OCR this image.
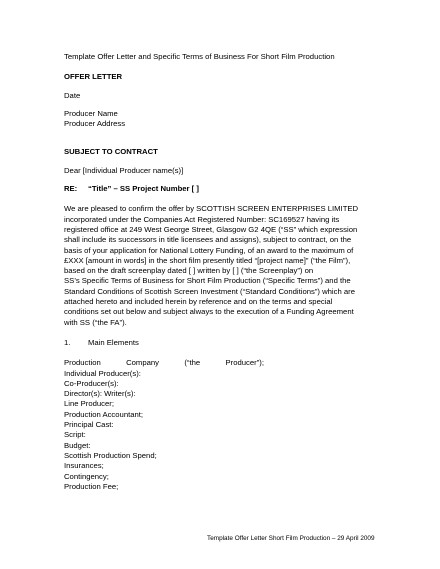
Template Offer Letter and Specific Terms of Business For Short Film Production

OFFER LETTER

Date

Producer Name

Producer Address

SUBJECT TO CONTRACT

Dear [Individual Producer name(s)]

RE:	“Title” – SS Project Number [ ]

We are pleased to confirm the offer by SCOTTISH SCREEN ENTERPRISES LIMITED

incorporated under the Companies Act Registered Number: SC169527 having its

registered office at 249 West George Street, Glasgow G2 4QE (“SS” which expression

shall include its successors in title licensees and assigns), subject to contract, on the

basis of your application for National Lottery Funding, of an award to the maximum of

£XXX [amount in words] in the short film presently titled “[project name]” (“the Film”),

based on the draft screenplay dated [ ] written by [ ] (“the Screenplay”) on

SS’s Specific Terms of Business for Short Film Production (“Specific Terms”) and the

Standard Conditions of Scottish Screen Investment (“Standard Conditions”) which are

attached hereto and included herein by reference and on the terms and special

conditions set out below and subject always to the execution of a Funding Agreement

with SS (“the FA”).

1.	Main Elements
Production	Company	(“the	Producer”);

Individual Producer(s):

Co-Producer(s):

Director(s): Writer(s):

Line Producer;

Production Accountant;

Principal Cast:

Script:

Budget:

Scottish Production Spend;

Insurances;

Contingency;

Production Fee;

Template Offer Letter Short Film Production – 29 April 2009
